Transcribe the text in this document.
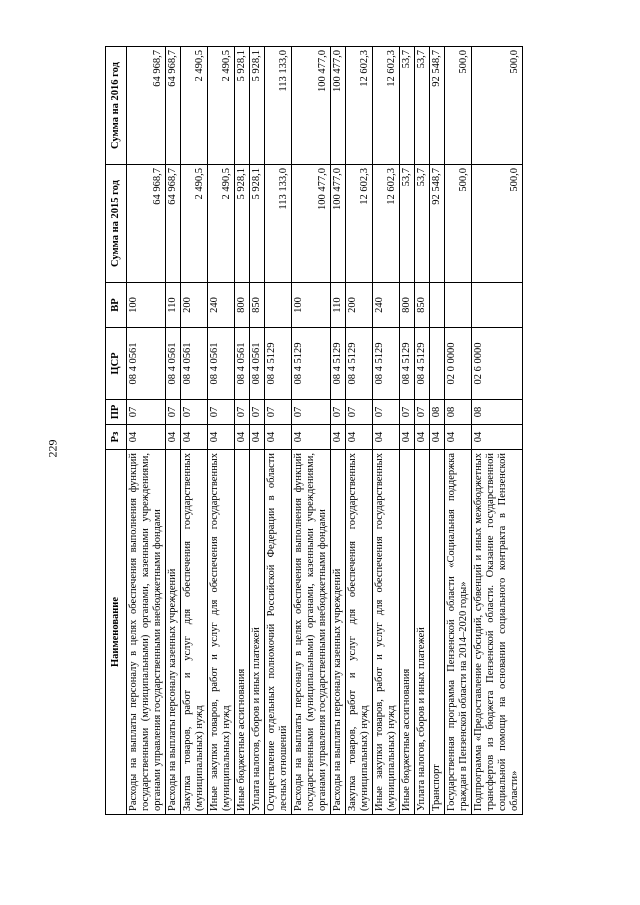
229
Наименование	Рз	ПР	ЦСР	ВР	Сумма на 2015 год	Сумма на 2016 год
Расходы на выплаты персоналу в целях обеспечения выполнения функций государственными (муниципальными) органами, казенными учреждениями, органами управления государственными внебюджетными фондами	04	07	08 4 0561	100	64 968,7	64 968,7
Расходы на выплаты персоналу казенных учреждений	04	07	08 4 0561	110	64 968,7	64 968,7
Закупка товаров, работ и услуг для обеспечения государственных (муниципальных) нужд	04	07	08 4 0561	200	2 490,5	2 490,5
Иные закупки товаров, работ и услуг для обеспечения государственных (муниципальных) нужд	04	07	08 4 0561	240	2 490,5	2 490,5
Иные бюджетные ассигнования	04	07	08 4 0561	800	5 928,1	5 928,1
Уплата налогов, сборов и иных платежей	04	07	08 4 0561	850	5 928,1	5 928,1
Осуществление отдельных полномочий Российской Федерации в области лесных отношений	04	07	08 4 5129		113 133,0	113 133,0
Расходы на выплаты персоналу в целях обеспечения выполнения функций государственными (муниципальными) органами, казенными учреждениями, органами управления государственными внебюджетными фондами	04	07	08 4 5129	100	100 477,0	100 477,0
Расходы на выплаты персоналу казенных учреждений	04	07	08 4 5129	110	100 477,0	100 477,0
Закупка товаров, работ и услуг для обеспечения государственных (муниципальных) нужд	04	07	08 4 5129	200	12 602,3	12 602,3
Иные закупки товаров, работ и услуг для обеспечения государственных (муниципальных) нужд	04	07	08 4 5129	240	12 602,3	12 602,3
Иные бюджетные ассигнования	04	07	08 4 5129	800	53,7	53,7
Уплата налогов, сборов и иных платежей	04	07	08 4 5129	850	53,7	53,7
Транспорт	04	08			92 548,7	92 548,7
Государственная программа Пензенской области «Социальная поддержка граждан в Пензенской области на 2014–2020 годы»	04	08	02 0 0000		500,0	500,0
Подпрограмма «Предоставление субсидий, субвенций и иных межбюджетных трансфертов из бюджета Пензенской области. Оказание государственной социальной помощи на основании социального контракта в Пензенской области»	04	08	02 6 0000		500,0	500,0
